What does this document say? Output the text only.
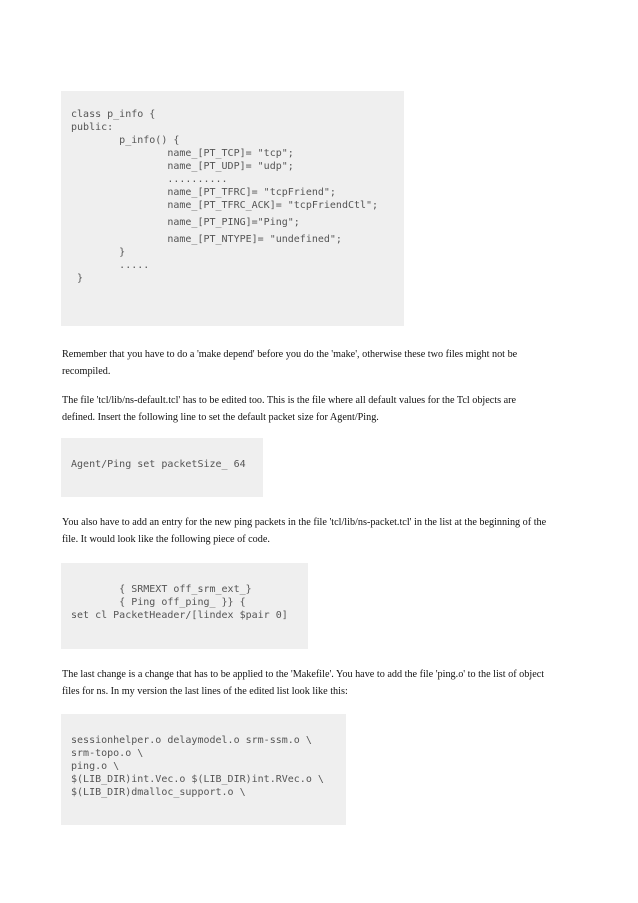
class p_info {
public:
p_info() {
name_[PT_TCP]= "tcp";
name_[PT_UDP]= "udp";
..........
name_[PT_TFRC]= "tcpFriend";
name_[PT_TFRC_ACK]= "tcpFriendCtl";
name_[PT_PING]="Ping";
name_[PT_NTYPE]= "undefined";
}
.....
}
Remember that you have to do a 'make depend' before you do the 'make', otherwise these two files might not be
recompiled.
The file 'tcl/lib/ns-default.tcl' has to be edited too. This is the file where all default values for the Tcl objects are
defined. Insert the following line to set the default packet size for Agent/Ping.
Agent/Ping set packetSize_ 64
You also have to add an entry for the new ping packets in the file 'tcl/lib/ns-packet.tcl' in the list at the beginning of the
file. It would look like the following piece of code.
{ SRMEXT off_srm_ext_}
{ Ping off_ping_ }} {
set cl PacketHeader/[lindex $pair 0]
The last change is a change that has to be applied to the 'Makefile'. You have to add the file 'ping.o' to the list of object
files for ns. In my version the last lines of the edited list look like this:
sessionhelper.o delaymodel.o srm-ssm.o \
srm-topo.o \
ping.o \
$(LIB_DIR)int.Vec.o $(LIB_DIR)int.RVec.o \
$(LIB_DIR)dmalloc_support.o \
